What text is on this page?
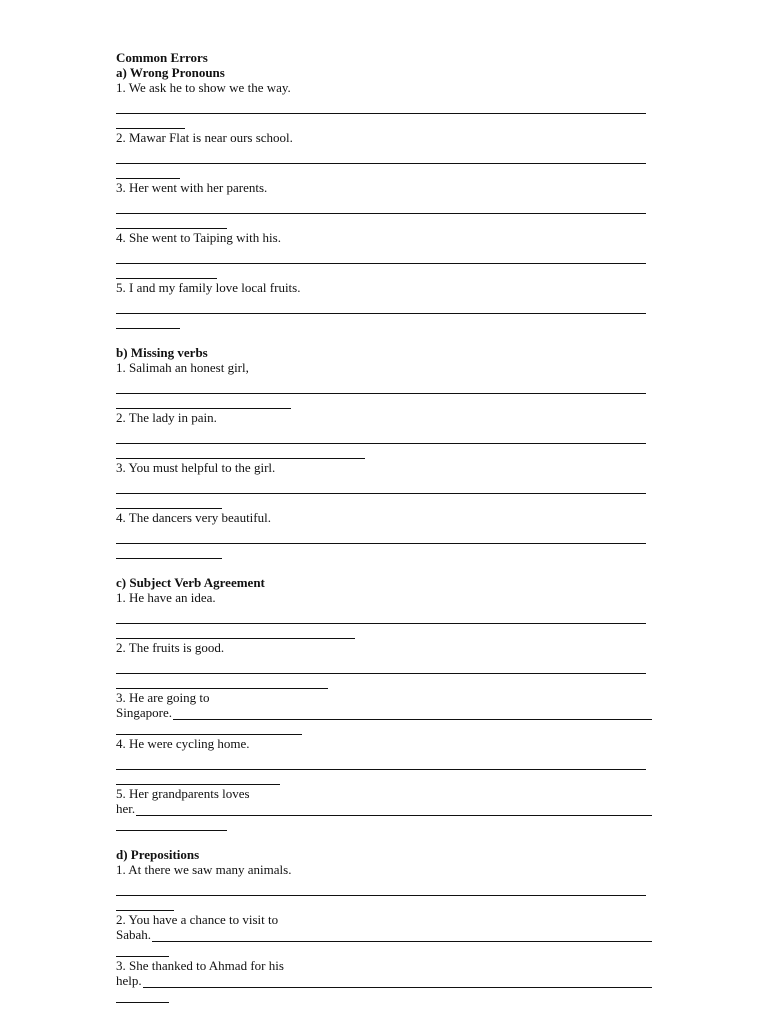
Common Errors
a) Wrong Pronouns
1. We ask he to show we the way.
2. Mawar Flat is near ours school.
3. Her went with her parents.
4. She went to Taiping with his.
5. I and my family love local fruits.
b) Missing verbs
1. Salimah an honest girl,
2. The lady in pain.
3. You must helpful to the girl.
4. The dancers very beautiful.
c) Subject Verb Agreement
1. He have an idea.
2. The fruits is good.
3. He are going to
Singapore.
4. He were cycling home.
5. Her grandparents loves
her.
d) Prepositions
1. At there we saw many animals.
2. You have a chance to visit to
Sabah.
3. She thanked to Ahmad for his
help.
